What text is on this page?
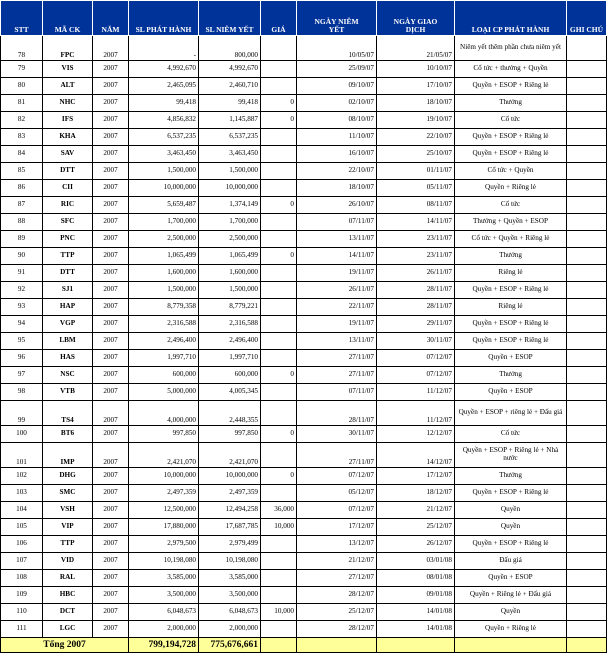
STT	MÃ CK	NĂM	SL PHÁT HÀNH	SL NIÊM YẾT	GIÁ	NGÀY NIÊM YẾT	NGÀY GIAO DỊCH	LOẠI CP PHÁT HÀNH	GHI CHÚ
78	FPC	2007	-	800,000		10/05/07	21/05/07	Niêm yết thêm phần chưa niêm yết	
79	VIS	2007	4,992,670	4,992,670		25/09/07	10/10/07	Cổ tức + thưởng + Quyền	
80	ALT	2007	2,465,095	2,460,710		09/10/07	17/10/07	Quyền + ESOP + Riêng lẻ	
81	NHC	2007	99,418	99,418	0	02/10/07	18/10/07	Thưởng	
82	IFS	2007	4,856,832	1,145,887	0	08/10/07	19/10/07	Cổ tức	
83	KHA	2007	6,537,235	6,537,235		11/10/07	22/10/07	Quyền + ESOP + Riêng lẻ	
84	SAV	2007	3,463,450	3,463,450		16/10/07	25/10/07	Quyền + ESOP + Riêng lẻ	
85	DTT	2007	1,500,000	1,500,000		22/10/07	01/11/07	Cổ tức + Quyền	
86	CII	2007	10,000,000	10,000,000		18/10/07	05/11/07	Quyền + Riêng lẻ	
87	RIC	2007	5,659,487	1,374,149	0	26/10/07	08/11/07	Cổ tức	
88	SFC	2007	1,700,000	1,700,000		07/11/07	14/11/07	Thưởng + Quyền + ESOP	
89	PNC	2007	2,500,000	2,500,000		13/11/07	23/11/07	Cổ tức + Quyền + Riêng lẻ	
90	TTP	2007	1,065,499	1,065,499	0	14/11/07	23/11/07	Thưởng	
91	DTT	2007	1,600,000	1,600,000		19/11/07	26/11/07	Riêng lẻ	
92	SJ1	2007	1,500,000	1,500,000		26/11/07	28/11/07	Quyền + ESOP + Riêng lẻ	
93	HAP	2007	8,779,358	8,779,221		22/11/07	28/11/07	Riêng lẻ	
94	VGP	2007	2,316,588	2,316,588		19/11/07	29/11/07	Quyền + ESOP + Riêng lẻ	
95	LBM	2007	2,496,400	2,496,400		13/11/07	30/11/07	Quyền + ESOP + Riêng lẻ	
96	HAS	2007	1,997,710	1,997,710		27/11/07	07/12/07	Quyền + ESOP	
97	NSC	2007	600,000	600,000	0	27/11/07	07/12/07	Thưởng	
98	VTB	2007	5,000,000	4,005,345		07/11/07	11/12/07	Quyền + ESOP	
99	TS4	2007	4,000,000	2,448,355		28/11/07	11/12/07	Quyền + ESOP + riêng lẻ + Đấu giá	
100	BT6	2007	997,850	997,850	0	30/11/07	12/12/07	Cổ tức	
101	IMP	2007	2,421,070	2,421,070		27/11/07	14/12/07	Quyền + ESOP + Riêng lẻ + Nhà nước	
102	DHG	2007	10,000,000	10,000,000	0	07/12/07	17/12/07	Thưởng	
103	SMC	2007	2,497,359	2,497,359		05/12/07	18/12/07	Quyền + ESOP + Riêng lẻ	
104	VSH	2007	12,500,000	12,494,258	36,000	07/12/07	21/12/07	Quyền	
105	VIP	2007	17,880,000	17,687,785	10,000	17/12/07	25/12/07	Quyền	
106	TTP	2007	2,979,500	2,979,499		13/12/07	26/12/07	Quyền + ESOP + Riêng lẻ	
107	VID	2007	10,198,080	10,198,080		21/12/07	03/01/08	Đấu giá	
108	RAL	2007	3,585,000	3,585,000		27/12/07	08/01/08	Quyền + ESOP	
109	HBC	2007	3,500,000	3,500,000		28/12/07	09/01/08	Quyền + Riêng lẻ + Đấu giá	
110	DCT	2007	6,048,673	6,048,673	10,000	25/12/07	14/01/08	Quyền	
111	LGC	2007	2,000,000	2,000,000		28/12/07	14/01/08	Quyền + Riêng lẻ	
Tổng 2007			799,194,728	775,676,661					
